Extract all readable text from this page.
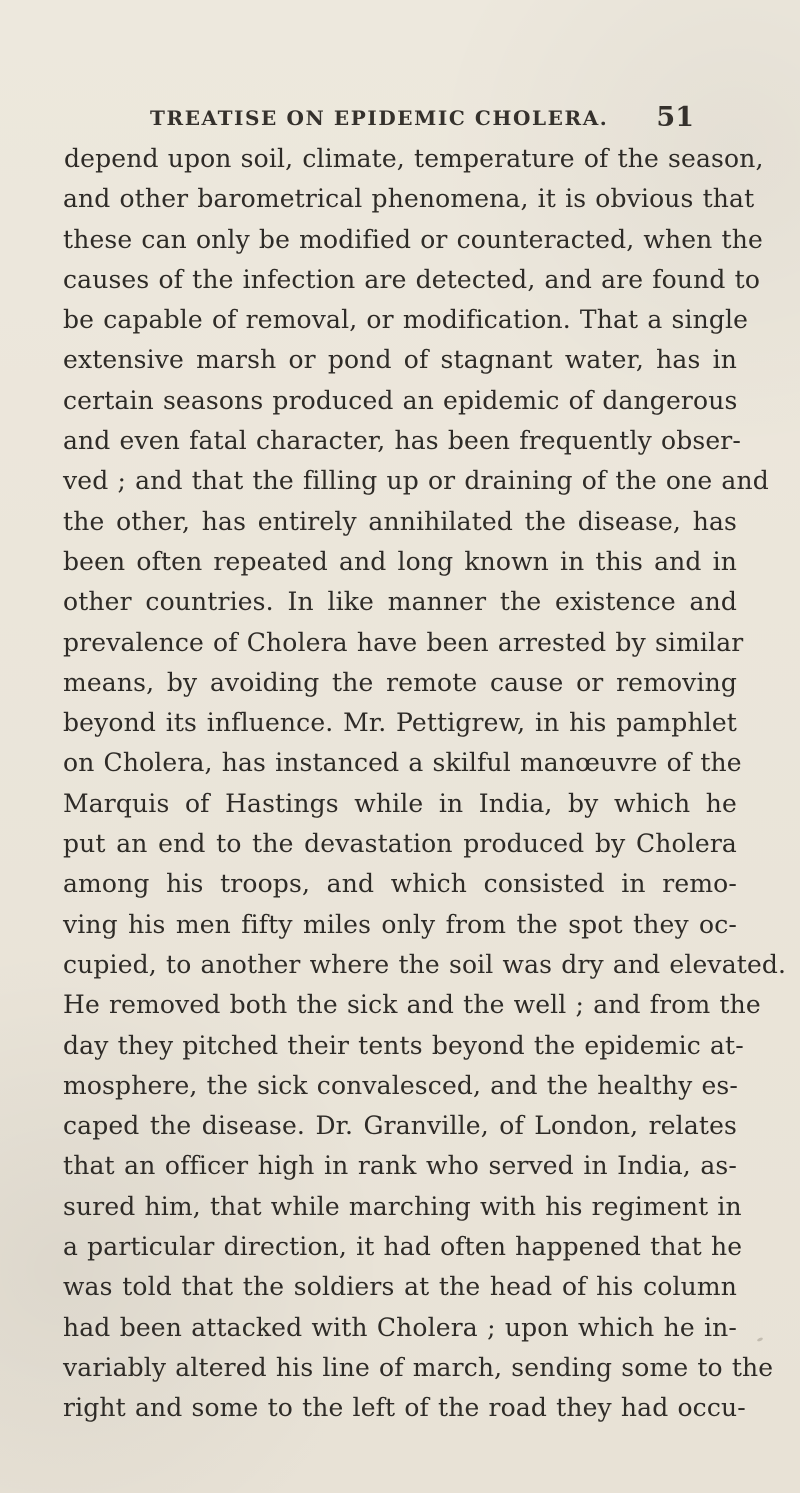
TREATISE ON EPIDEMIC CHOLERA. 51
depend upon soil, climate, temperature of the season,
and other barometrical phenomena, it is obvious that
these can only be modified or counteracted, when the
causes of the infection are detected, and are found to
be capable of removal, or modification. That a single
extensive marsh or pond of stagnant water, has in
certain seasons produced an epidemic of dangerous
and even fatal character, has been frequently obser-
ved ; and that the filling up or draining of the one and
the other, has entirely annihilated the disease, has
been often repeated and long known in this and in
other countries. In like manner the existence and
prevalence of Cholera have been arrested by similar
means, by avoiding the remote cause or removing
beyond its influence. Mr. Pettigrew, in his pamphlet
on Cholera, has instanced a skilful manœuvre of the
Marquis of Hastings while in India, by which he
put an end to the devastation produced by Cholera
among his troops, and which consisted in remo-
ving his men fifty miles only from the spot they oc-
cupied, to another where the soil was dry and elevated.
He removed both the sick and the well ; and from the
day they pitched their tents beyond the epidemic at-
mosphere, the sick convalesced, and the healthy es-
caped the disease. Dr. Granville, of London, relates
that an officer high in rank who served in India, as-
sured him, that while marching with his regiment in
a particular direction, it had often happened that he
was told that the soldiers at the head of his column
had been attacked with Cholera ; upon which he in-
variably altered his line of march, sending some to the
right and some to the left of the road they had occu-
